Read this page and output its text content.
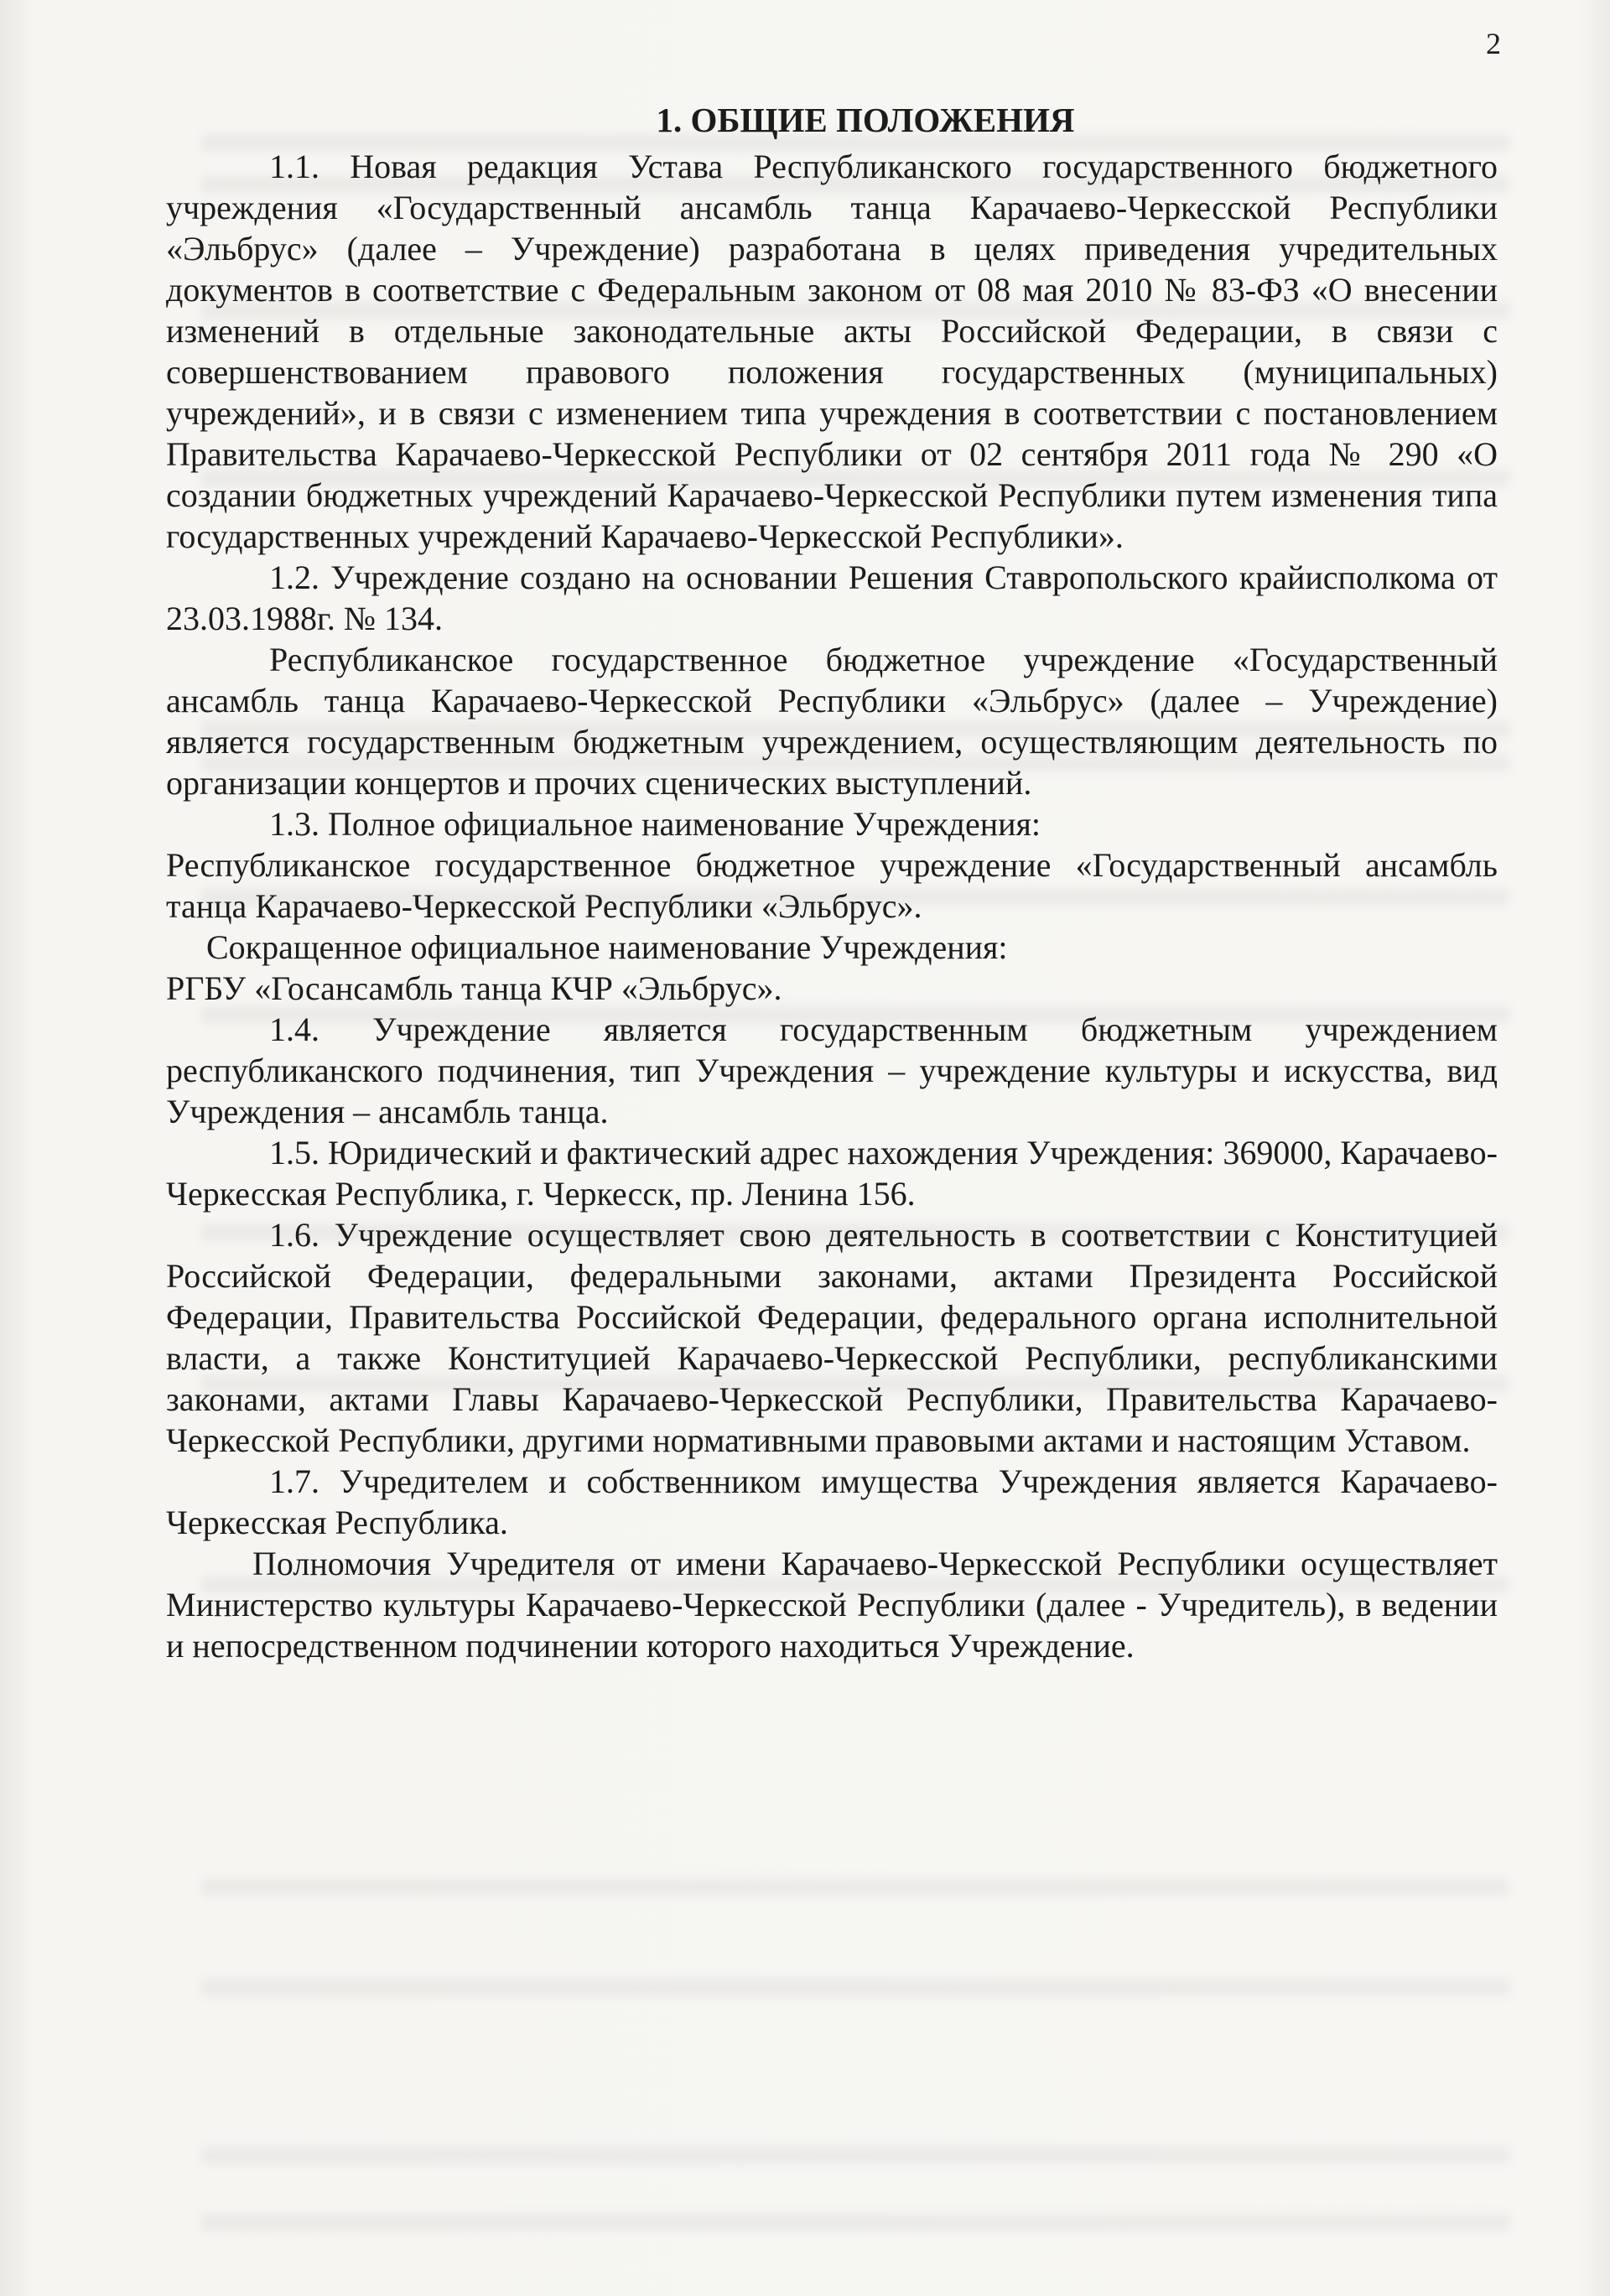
2
1. ОБЩИЕ ПОЛОЖЕНИЯ

1.1. Новая редакция Устава Республиканского государственного бюджетного учреждения «Государственный ансамбль танца Карачаево-Черкесской Республики «Эльбрус» (далее – Учреждение) разработана в целях приведения учредительных документов в соответствие с Федеральным законом от 08 мая 2010 № 83-ФЗ «О внесении изменений в отдельные законодательные акты Российской Федерации, в связи с совершенствованием правового положения государственных (муниципальных) учреждений», и в связи с изменением типа учреждения в соответствии с постановлением Правительства Карачаево-Черкесской Республики от 02 сентября 2011 года № 290 «О создании бюджетных учреждений Карачаево-Черкесской Республики путем изменения типа государственных учреждений Карачаево-Черкесской Республики».

1.2. Учреждение создано на основании Решения Ставропольского крайисполкома от 23.03.1988г. № 134.

Республиканское государственное бюджетное учреждение «Государственный ансамбль танца Карачаево-Черкесской Республики «Эльбрус» (далее – Учреждение) является государственным бюджетным учреждением, осуществляющим деятельность по организации концертов и прочих сценических выступлений.

1.3. Полное официальное наименование Учреждения:

Республиканское государственное бюджетное учреждение «Государственный ансамбль танца Карачаево-Черкесской Республики «Эльбрус».

Сокращенное официальное наименование Учреждения:

РГБУ «Госансамбль танца КЧР «Эльбрус».

1.4. Учреждение является государственным бюджетным учреждением республиканского подчинения, тип Учреждения – учреждение культуры и искусства, вид Учреждения – ансамбль танца.

1.5. Юридический и фактический адрес нахождения Учреждения: 369000, Карачаево-Черкесская Республика, г. Черкесск, пр. Ленина 156.

1.6. Учреждение осуществляет свою деятельность в соответствии с Конституцией Российской Федерации, федеральными законами, актами Президента Российской Федерации, Правительства Российской Федерации, федерального органа исполнительной власти, а также Конституцией Карачаево-Черкесской Республики, республиканскими законами, актами Главы Карачаево-Черкесской Республики, Правительства Карачаево-Черкесской Республики, другими нормативными правовыми актами и настоящим Уставом.

1.7. Учредителем и собственником имущества Учреждения является Карачаево-Черкесская Республика.

Полномочия Учредителя от имени Карачаево-Черкесской Республики осуществляет Министерство культуры Карачаево-Черкесской Республики (далее - Учредитель), в ведении и непосредственном подчинении которого находиться Учреждение.
